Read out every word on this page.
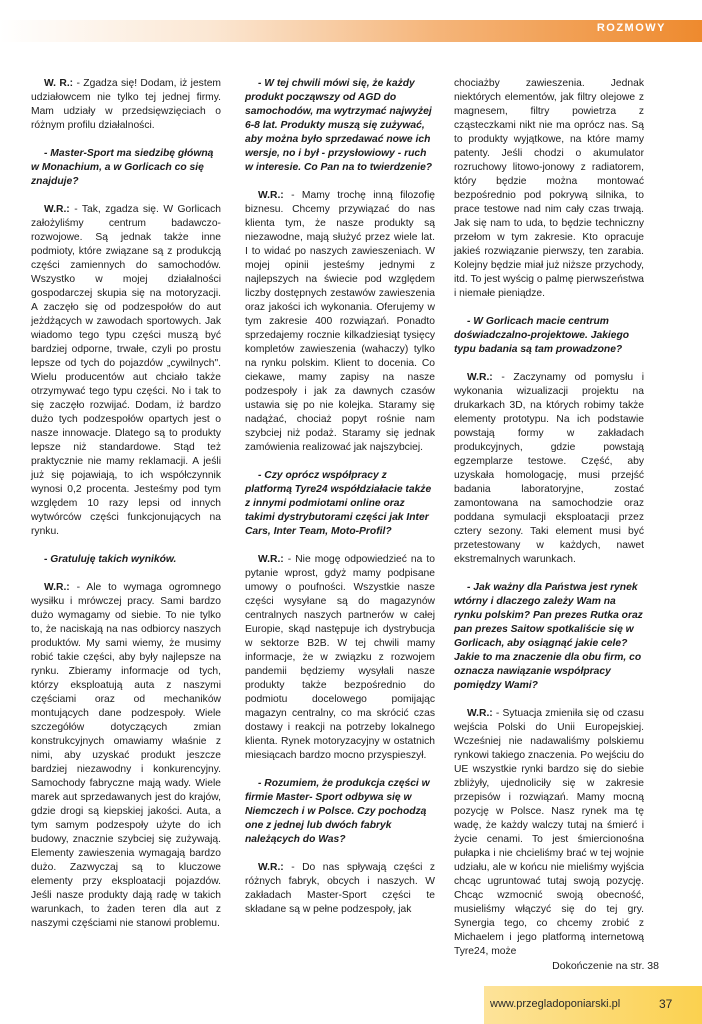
ROZMOWY

W. R.: - Zgadza się! Dodam, iż jestem udziałowcem nie tylko tej jednej firmy. Mam udziały w przedsięwzięciach o różnym profilu działalności.

- Master-Sport ma siedzibę główną w Monachium, a w Gorlicach co się znajduje?

W.R.: - Tak, zgadza się. W Gorlicach założyliśmy centrum badawczo-rozwojowe. Są jednak także inne podmioty, które związane są z produkcją części zamiennych do samochodów. Wszystko w mojej działalności gospodarczej skupia się na motoryzacji. A zaczęło się od podzespołów do aut jeżdżących w zawodach sportowych. Jak wiadomo tego typu części muszą być bardziej odporne, trwałe, czyli po prostu lepsze od tych do pojazdów „cywilnych". Wielu producentów aut chciało także otrzymywać tego typu części. No i tak to się zaczęło rozwijać. Dodam, iż bardzo dużo tych podzespołów opartych jest o nasze innowacje. Dlatego są to produkty lepsze niż standardowe. Stąd też praktycznie nie mamy reklamacji. A jeśli już się pojawiają, to ich współczynnik wynosi 0,2 procenta. Jesteśmy pod tym względem 10 razy lepsi od innych wytwórców części funkcjonujących na rynku.

- Gratuluję takich wyników.

W.R.: - Ale to wymaga ogromnego wysiłku i mrówczej pracy. Sami bardzo dużo wymagamy od siebie. To nie tylko to, że naciskają na nas odbiorcy naszych produktów. My sami wiemy, że musimy robić takie części, aby były najlepsze na rynku. Zbieramy informacje od tych, którzy eksploatują auta z naszymi częściami oraz od mechaników montujących dane podzespoły. Wiele szczegółów dotyczących zmian konstrukcyjnych omawiamy właśnie z nimi, aby uzyskać produkt jeszcze bardziej niezawodny i konkurencyjny. Samochody fabryczne mają wady. Wiele marek aut sprzedawanych jest do krajów, gdzie drogi są kiepskiej jakości. Auta, a tym samym podzespoły użyte do ich budowy, znacznie szybciej się zużywają. Elementy zawieszenia wymagają bardzo dużo. Zazwyczaj są to kluczowe elementy przy eksploatacji pojazdów. Jeśli nasze produkty dają radę w takich warunkach, to żaden teren dla aut z naszymi częściami nie stanowi problemu.

- W tej chwili mówi się, że każdy produkt począwszy od AGD do samochodów, ma wytrzymać najwyżej 6-8 lat. Produkty muszą się zużywać, aby można było sprzedawać nowe ich wersje, no i był - przysłowiowy - ruch w interesie. Co Pan na to twierdzenie?

W.R.: - Mamy trochę inną filozofię biznesu. Chcemy przywiązać do nas klienta tym, że nasze produkty są niezawodne, mają służyć przez wiele lat. I to widać po naszych zawieszeniach. W mojej opinii jesteśmy jednymi z najlepszych na świecie pod względem liczby dostępnych zestawów zawieszenia oraz jakości ich wykonania. Oferujemy w tym zakresie 400 rozwiązań. Ponadto sprzedajemy rocznie kilkadziesiąt tysięcy kompletów zawieszenia (wahaczy) tylko na rynku polskim. Klient to docenia. Co ciekawe, mamy zapisy na nasze podzespoły i jak za dawnych czasów ustawia się po nie kolejka. Staramy się nadążać, chociaż popyt rośnie nam szybciej niż podaż. Staramy się jednak zamówienia realizować jak najszybciej.

- Czy oprócz współpracy z platformą Tyre24 współdziałacie także z innymi podmiotami online oraz takimi dystrybutorami części jak Inter Cars, Inter Team, Moto-Profil?

W.R.: - Nie mogę odpowiedzieć na to pytanie wprost, gdyż mamy podpisane umowy o poufności. Wszystkie nasze części wysyłane są do magazynów centralnych naszych partnerów w całej Europie, skąd następuje ich dystrybucja w sektorze B2B. W tej chwili mamy informacje, że w związku z rozwojem pandemii będziemy wysyłali nasze produkty także bezpośrednio do podmiotu docelowego pomijając magazyn centralny, co ma skrócić czas dostawy i reakcji na potrzeby lokalnego klienta. Rynek motoryzacyjny w ostatnich miesiącach bardzo mocno przyspieszył.

- Rozumiem, że produkcja części w firmie Master- Sport odbywa się w Niemczech i w Polsce. Czy pochodzą one z jednej lub dwóch fabryk należących do Was?

W.R.: - Do nas spływają części z różnych fabryk, obcych i naszych. W zakładach Master-Sport części te składane są w pełne podzespoły, jak

chociażby zawieszenia. Jednak niektórych elementów, jak filtry olejowe z magnesem, filtry powietrza z cząsteczkami nikt nie ma oprócz nas. Są to produkty wyjątkowe, na które mamy patenty. Jeśli chodzi o akumulator rozruchowy litowo-jonowy z radiatorem, który będzie można montować bezpośrednio pod pokrywą silnika, to prace testowe nad nim cały czas trwają. Jak się nam to uda, to będzie techniczny przełom w tym zakresie. Kto opracuje jakieś rozwiązanie pierwszy, ten zarabia. Kolejny będzie miał już niższe przychody, itd. To jest wyścig o palmę pierwszeństwa i niemałe pieniądze.

- W Gorlicach macie centrum doświadczalno-projektowe. Jakiego typu badania są tam prowadzone?

W.R.: - Zaczynamy od pomysłu i wykonania wizualizacji projektu na drukarkach 3D, na których robimy także elementy prototypu. Na ich podstawie powstają formy w zakładach produkcyjnych, gdzie powstają egzemplarze testowe. Część, aby uzyskała homologację, musi przejść badania laboratoryjne, zostać zamontowana na samochodzie oraz poddana symulacji eksploatacji przez cztery sezony. Taki element musi być przetestowany w każdych, nawet ekstremalnych warunkach.

- Jak ważny dla Państwa jest rynek wtórny i dlaczego zależy Wam na rynku polskim? Pan prezes Rutka oraz pan prezes Saitow spotkaliście się w Gorlicach, aby osiągnąć jakie cele? Jakie to ma znaczenie dla obu firm, co oznacza nawiązanie współpracy pomiędzy Wami?

W.R.: - Sytuacja zmieniła się od czasu wejścia Polski do Unii Europejskiej. Wcześniej nie nadawaliśmy polskiemu rynkowi takiego znaczenia. Po wejściu do UE wszystkie rynki bardzo się do siebie zbliżyły, ujednoliciły się w zakresie przepisów i rozwiązań. Mamy mocną pozycję w Polsce. Nasz rynek ma tę wadę, że każdy walczy tutaj na śmierć i życie cenami. To jest śmiercionośna pułapka i nie chcieliśmy brać w tej wojnie udziału, ale w końcu nie mieliśmy wyjścia chcąc ugruntować tutaj swoją pozycję. Chcąc wzmocnić swoją obecność, musieliśmy włączyć się do tej gry. Synergia tego, co chcemy zrobić z Michaelem i jego platformą internetową Tyre24, może

Dokończenie na str. 38
www.przegladoponiarski.pl	37
